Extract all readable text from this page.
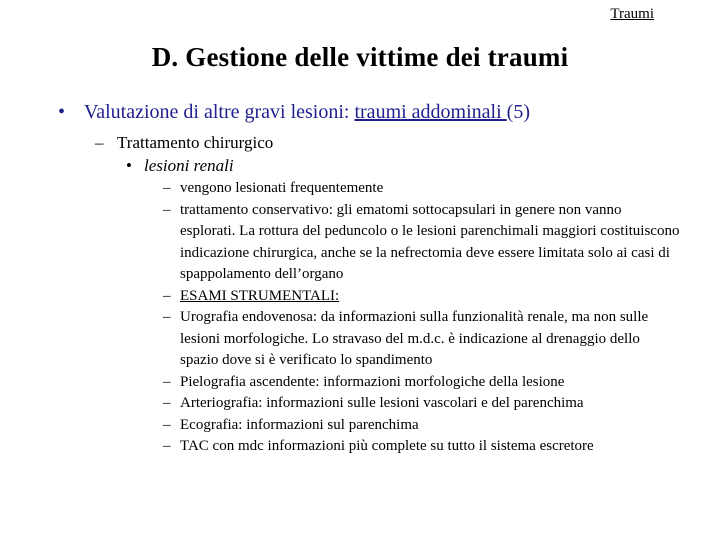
Traumi
D. Gestione delle vittime dei traumi
• Valutazione di altre gravi lesioni: traumi addominali (5)
– Trattamento chirurgico
• lesioni renali
– vengono lesionati frequentemente
– trattamento conservativo: gli ematomi sottocapsulari in genere non vanno esplorati. La rottura del peduncolo o le lesioni parenchimali maggiori costituiscono indicazione chirurgica, anche se la nefrectomia deve essere limitata solo ai casi di spappolamento dell’organo
– ESAMI STRUMENTALI:
– Urografia endovenosa: da informazioni sulla funzionalità renale, ma non sulle lesioni morfologiche. Lo stravaso del m.d.c. è indicazione al drenaggio dello spazio dove si è verificato lo spandimento
– Pielografia ascendente: informazioni morfologiche della lesione
– Arteriografia: informazioni sulle lesioni vascolari e del parenchima
– Ecografia: informazioni sul parenchima
– TAC con mdc informazioni più complete su tutto il sistema escretore
